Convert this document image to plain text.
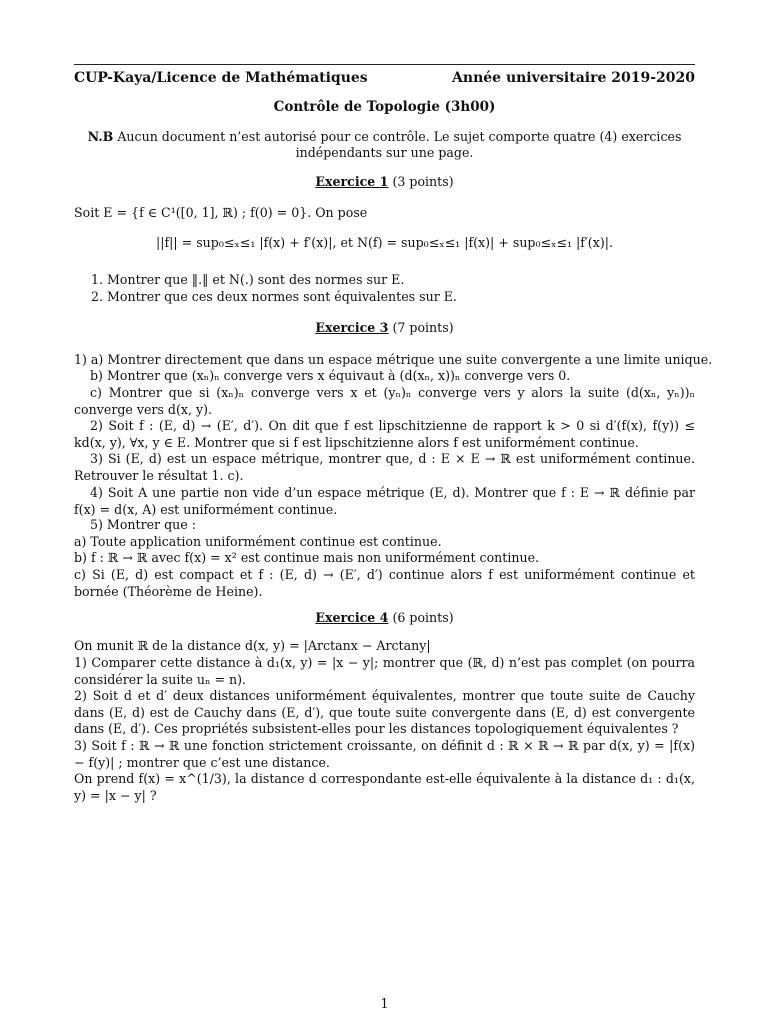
CUP-Kaya/Licence de Mathématiques	Année universitaire 2019-2020
Contrôle de Topologie (3h00)
N.B Aucun document n’est autorisé pour ce contrôle. Le sujet comporte quatre (4) exercices indépendants sur une page.
Exercice 1 (3 points)
Soit E = {f ∈ C¹([0, 1], ℝ) ; f(0) = 0}. On pose
||f|| = sup₀≤ₓ≤₁ |f(x) + f′(x)|, et N(f) = sup₀≤ₓ≤₁ |f(x)| + sup₀≤ₓ≤₁ |f′(x)|.
1. Montrer que ‖.‖ et N(.) sont des normes sur E.
2. Montrer que ces deux normes sont équivalentes sur E.
Exercice 3 (7 points)
1) a) Montrer directement que dans un espace métrique une suite convergente a une limite unique.
b) Montrer que (xₙ)ₙ converge vers x équivaut à (d(xₙ, x))ₙ converge vers 0.
c) Montrer que si (xₙ)ₙ converge vers x et (yₙ)ₙ converge vers y alors la suite (d(xₙ, yₙ))ₙ converge vers d(x, y).
2) Soit f : (E, d) → (E′, d′). On dit que f est lipschitzienne de rapport k > 0 si d′(f(x), f(y)) ≤ kd(x, y), ∀x, y ∈ E. Montrer que si f est lipschitzienne alors f est uniformément continue.
3) Si (E, d) est un espace métrique, montrer que, d : E × E → ℝ est uniformément continue. Retrouver le résultat 1. c).
4) Soit A une partie non vide d’un espace métrique (E, d). Montrer que f : E → ℝ définie par f(x) = d(x, A) est uniformément continue.
5) Montrer que :
a) Toute application uniformément continue est continue.
b) f : ℝ → ℝ avec f(x) = x² est continue mais non uniformément continue.
c) Si (E, d) est compact et f : (E, d) → (E′, d′) continue alors f est uniformément continue et bornée (Théorème de Heine).
Exercice 4 (6 points)
On munit ℝ de la distance d(x, y) = |Arctanx − Arctany|
1) Comparer cette distance à d₁(x, y) = |x − y|; montrer que (ℝ, d) n’est pas complet (on pourra considérer la suite uₙ = n).
2) Soit d et d′ deux distances uniformément équivalentes, montrer que toute suite de Cauchy dans (E, d) est de Cauchy dans (E, d′), que toute suite convergente dans (E, d) est convergente dans (E, d′). Ces propriétés subsistent-elles pour les distances topologiquement équivalentes ?
3) Soit f : ℝ → ℝ une fonction strictement croissante, on définit d : ℝ × ℝ → ℝ par d(x, y) = |f(x) − f(y)| ; montrer que c’est une distance.
On prend f(x) = x^(1/3), la distance d correspondante est-elle équivalente à la distance d₁ : d₁(x, y) = |x − y| ?
1
